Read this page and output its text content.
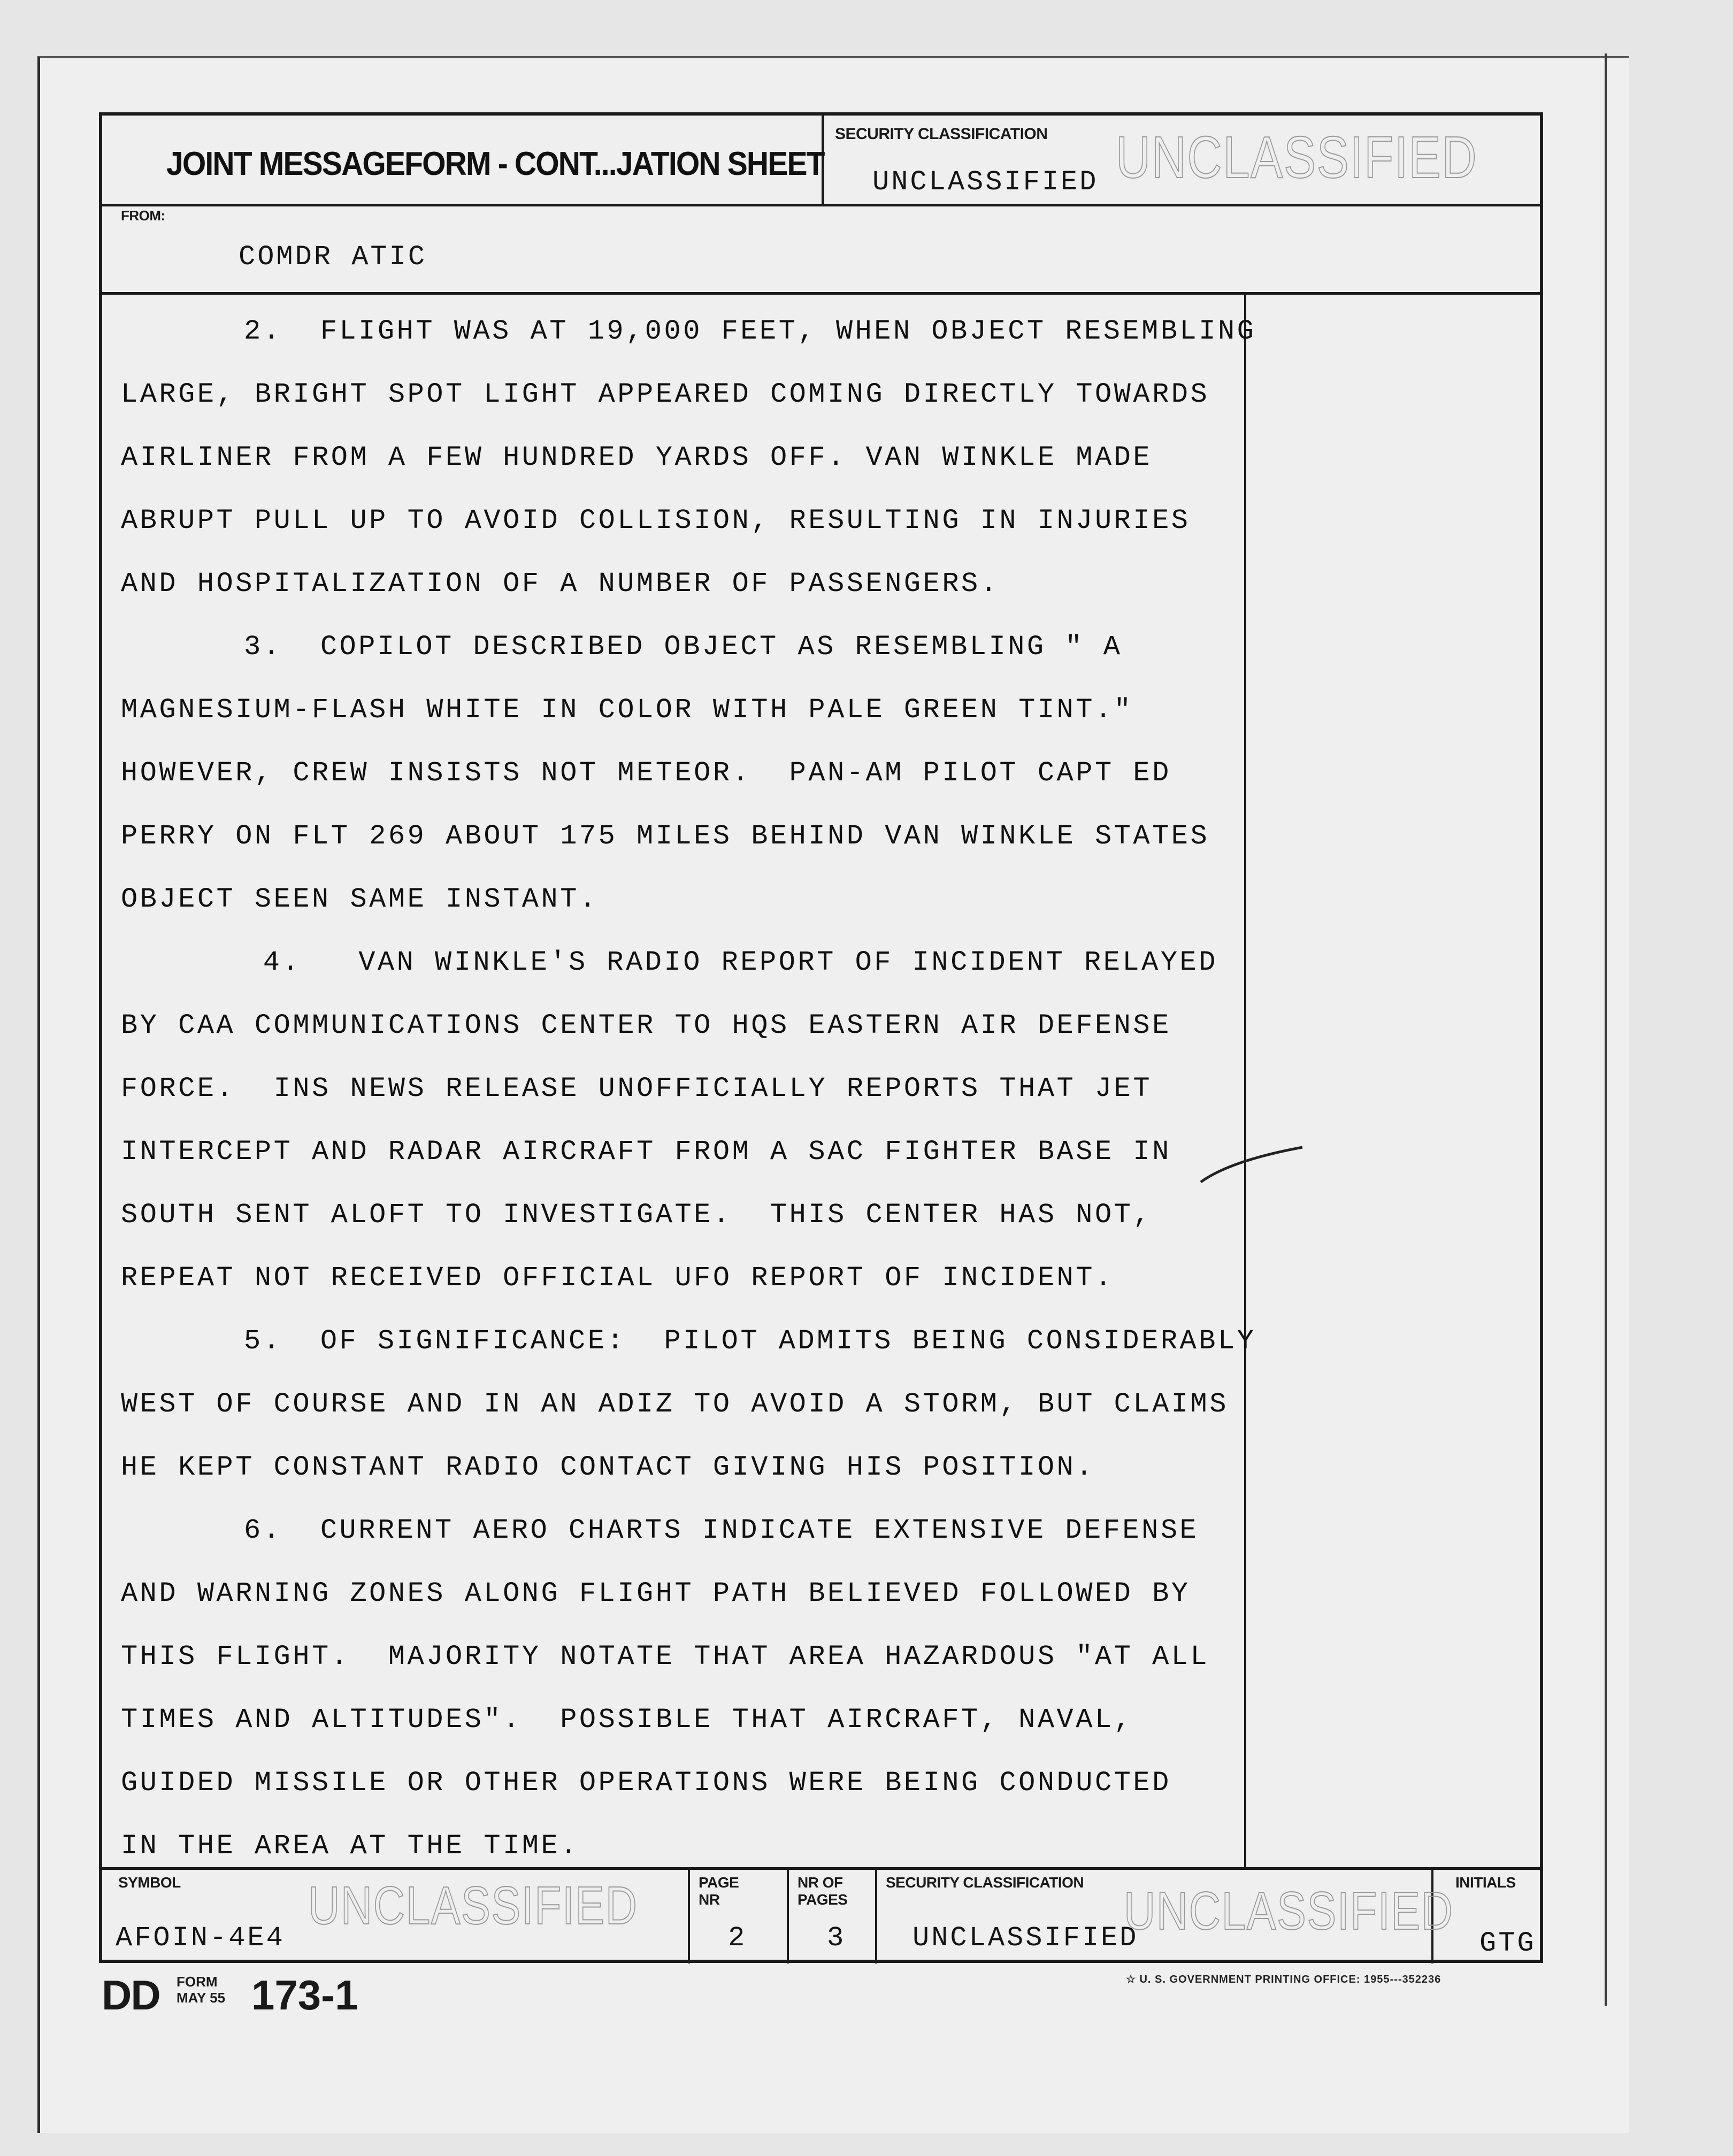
JOINT MESSAGEFORM - CONT...JATION SHEET
SECURITY CLASSIFICATION
UNCLASSIFIED UNCLASSIFIED
FROM:
COMDR ATIC
2.  FLIGHT WAS AT 19,000 FEET, WHEN OBJECT RESEMBLING
LARGE, BRIGHT SPOT LIGHT APPEARED COMING DIRECTLY TOWARDS
AIRLINER FROM A FEW HUNDRED YARDS OFF. VAN WINKLE MADE
ABRUPT PULL UP TO AVOID COLLISION, RESULTING IN INJURIES
AND HOSPITALIZATION OF A NUMBER OF PASSENGERS.
3.  COPILOT DESCRIBED OBJECT AS RESEMBLING " A
MAGNESIUM-FLASH WHITE IN COLOR WITH PALE GREEN TINT."
HOWEVER, CREW INSISTS NOT METEOR.  PAN-AM PILOT CAPT ED
PERRY ON FLT 269 ABOUT 175 MILES BEHIND VAN WINKLE STATES
OBJECT SEEN SAME INSTANT.
4.   VAN WINKLE'S RADIO REPORT OF INCIDENT RELAYED
BY CAA COMMUNICATIONS CENTER TO HQS EASTERN AIR DEFENSE
FORCE.  INS NEWS RELEASE UNOFFICIALLY REPORTS THAT JET
INTERCEPT AND RADAR AIRCRAFT FROM A SAC FIGHTER BASE IN
SOUTH SENT ALOFT TO INVESTIGATE.  THIS CENTER HAS NOT,
REPEAT NOT RECEIVED OFFICIAL UFO REPORT OF INCIDENT.
5.  OF SIGNIFICANCE:  PILOT ADMITS BEING CONSIDERABLY
WEST OF COURSE AND IN AN ADIZ TO AVOID A STORM, BUT CLAIMS
HE KEPT CONSTANT RADIO CONTACT GIVING HIS POSITION.
6.  CURRENT AERO CHARTS INDICATE EXTENSIVE DEFENSE
AND WARNING ZONES ALONG FLIGHT PATH BELIEVED FOLLOWED BY
THIS FLIGHT.  MAJORITY NOTATE THAT AREA HAZARDOUS "AT ALL
TIMES AND ALTITUDES".  POSSIBLE THAT AIRCRAFT, NAVAL,
GUIDED MISSILE OR OTHER OPERATIONS WERE BEING CONDUCTED
IN THE AREA AT THE TIME.
SYMBOL
AFOIN-4E4
UNCLASSIFIED	PAGE NR
2
NR OF PAGES
3
SECURITY CLASSIFICATION
UNCLASSIFIED
UNCLASSIFIED INITIALS
GTG
DD FORM
MAY 55 173-1	☆ U. S. GOVERNMENT PRINTING OFFICE: 1955---352236
